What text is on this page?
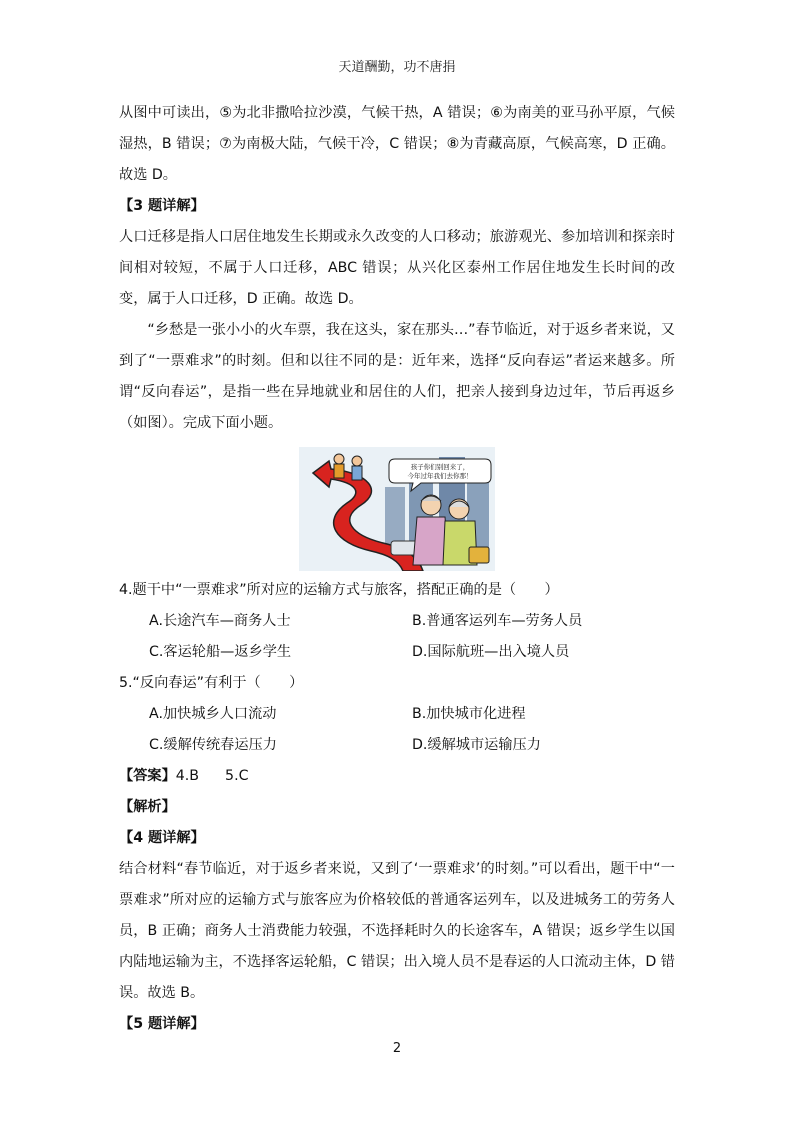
天道酬勤，功不唐捐

从图中可读出，⑤为北非撒哈拉沙漠，气候干热，A 错误；⑥为南美的亚马孙平原，气候湿热，B 错误；⑦为南极大陆，气候干冷，C 错误；⑧为青藏高原，气候高寒，D 正确。故选 D。

【3 题详解】

人口迁移是指人口居住地发生长期或永久改变的人口移动；旅游观光、参加培训和探亲时间相对较短，不属于人口迁移，ABC 错误；从兴化区泰州工作居住地发生长时间的改变，属于人口迁移，D 正确。故选 D。

“乡愁是一张小小的火车票，我在这头，家在那头…”春节临近，对于返乡者来说，又到了“一票难求”的时刻。但和以往不同的是：近年来，选择“反向春运”者运来越多。所谓“反向春运”，是指一些在异地就业和居住的人们，把亲人接到身边过年，节后再返乡（如图）。完成下面小题。

孩子你们别回来了，
今年过年我们去你那！

4.题干中“一票难求”所对应的运输方式与旅客，搭配正确的是（　　）

A.长途汽车—商务人士	B.普通客运列车—劳务人员
C.客运轮船—返乡学生	D.国际航班—出入境人员

5.“反向春运”有利于（　　）

A.加快城乡人口流动	B.加快城市化进程
C.缓解传统春运压力	D.缓解城市运输压力

【答案】4.B 5.C

【解析】

【4 题详解】

结合材料“春节临近，对于返乡者来说，又到了‘一票难求’的时刻。”可以看出，题干中“一票难求”所对应的运输方式与旅客应为价格较低的普通客运列车，以及进城务工的劳务人员，B 正确；商务人士消费能力较强，不选择耗时久的长途客车，A 错误；返乡学生以国内陆地运输为主，不选择客运轮船，C 错误；出入境人员不是春运的人口流动主体，D 错误。故选 B。

【5 题详解】

2
